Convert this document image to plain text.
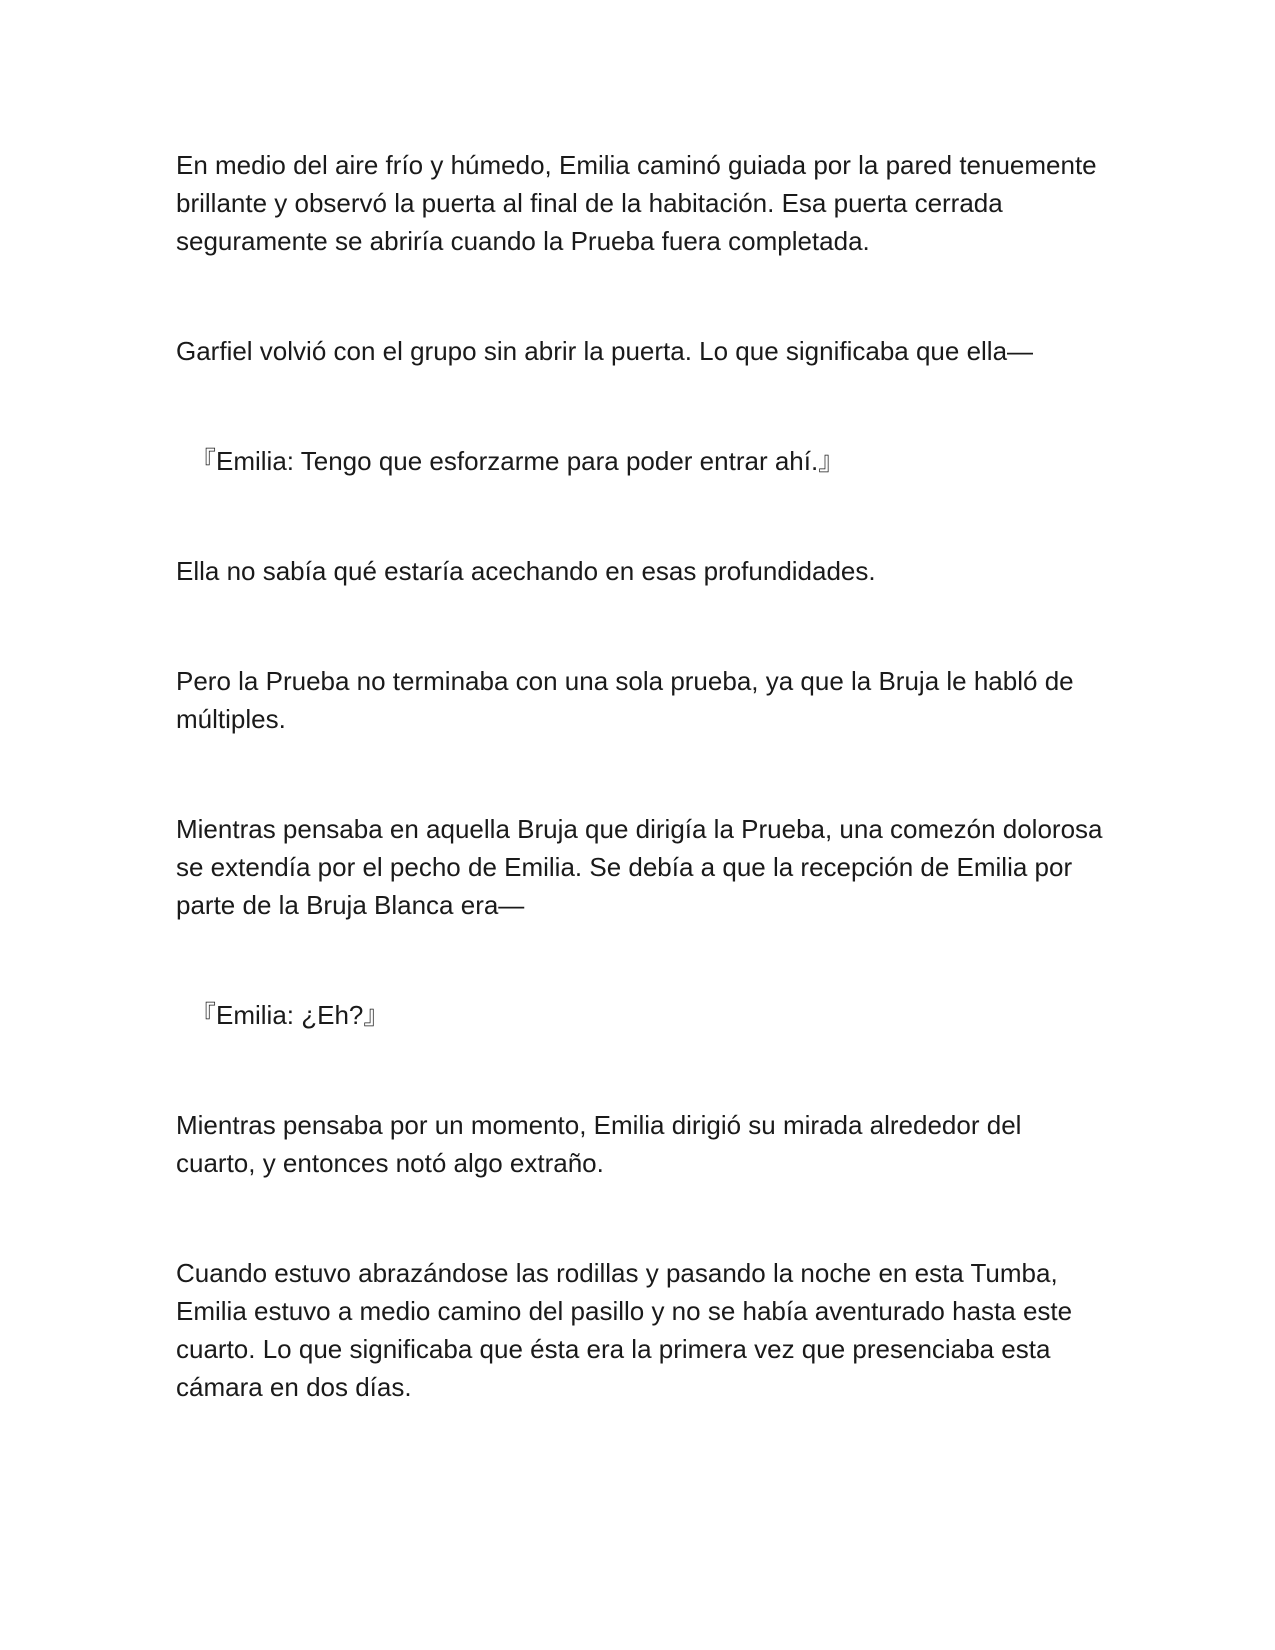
En medio del aire frío y húmedo, Emilia caminó guiada por la pared tenuemente brillante y observó la puerta al final de la habitación. Esa puerta cerrada seguramente se abriría cuando la Prueba fuera completada.

Garfiel volvió con el grupo sin abrir la puerta. Lo que significaba que ella—

『Emilia: Tengo que esforzarme para poder entrar ahí.』

Ella no sabía qué estaría acechando en esas profundidades.

Pero la Prueba no terminaba con una sola prueba, ya que la Bruja le habló de múltiples.

Mientras pensaba en aquella Bruja que dirigía la Prueba, una comezón dolorosa se extendía por el pecho de Emilia. Se debía a que la recepción de Emilia por parte de la Bruja Blanca era—

『Emilia: ¿Eh?』

Mientras pensaba por un momento, Emilia dirigió su mirada alrededor del cuarto, y entonces notó algo extraño.

Cuando estuvo abrazándose las rodillas y pasando la noche en esta Tumba, Emilia estuvo a medio camino del pasillo y no se había aventurado hasta este cuarto. Lo que significaba que ésta era la primera vez que presenciaba esta cámara en dos días.
